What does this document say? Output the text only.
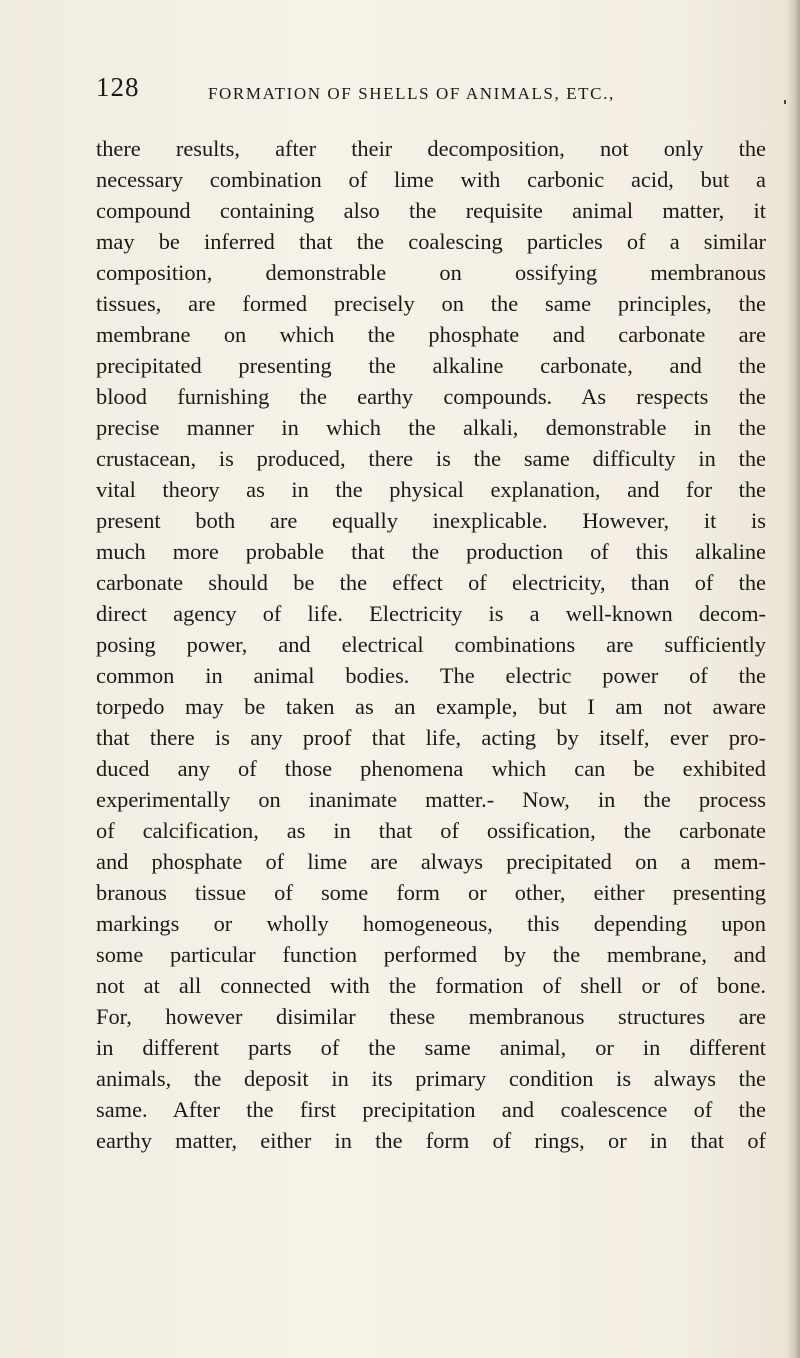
128	FORMATION OF SHELLS OF ANIMALS, ETC.,
there results, after their decomposition, not only the
necessary combination of lime with carbonic acid, but a
compound containing also the requisite animal matter, it
may be inferred that the coalescing particles of a similar
composition, demonstrable on ossifying membranous
tissues, are formed precisely on the same principles, the
membrane on which the phosphate and carbonate are
precipitated presenting the alkaline carbonate, and the
blood furnishing the earthy compounds. As respects the
precise manner in which the alkali, demonstrable in the
crustacean, is produced, there is the same difficulty in the
vital theory as in the physical explanation, and for the
present both are equally inexplicable. However, it is
much more probable that the production of this alkaline
carbonate should be the effect of electricity, than of the
direct agency of life. Electricity is a well-known decom-
posing power, and electrical combinations are sufficiently
common in animal bodies. The electric power of the
torpedo may be taken as an example, but I am not aware
that there is any proof that life, acting by itself, ever pro-
duced any of those phenomena which can be exhibited
experimentally on inanimate matter.- Now, in the process
of calcification, as in that of ossification, the carbonate
and phosphate of lime are always precipitated on a mem-
branous tissue of some form or other, either presenting
markings or wholly homogeneous, this depending upon
some particular function performed by the membrane, and
not at all connected with the formation of shell or of bone.
For, however disimilar these membranous structures are
in different parts of the same animal, or in different
animals, the deposit in its primary condition is always the
same. After the first precipitation and coalescence of the
earthy matter, either in the form of rings, or in that of
